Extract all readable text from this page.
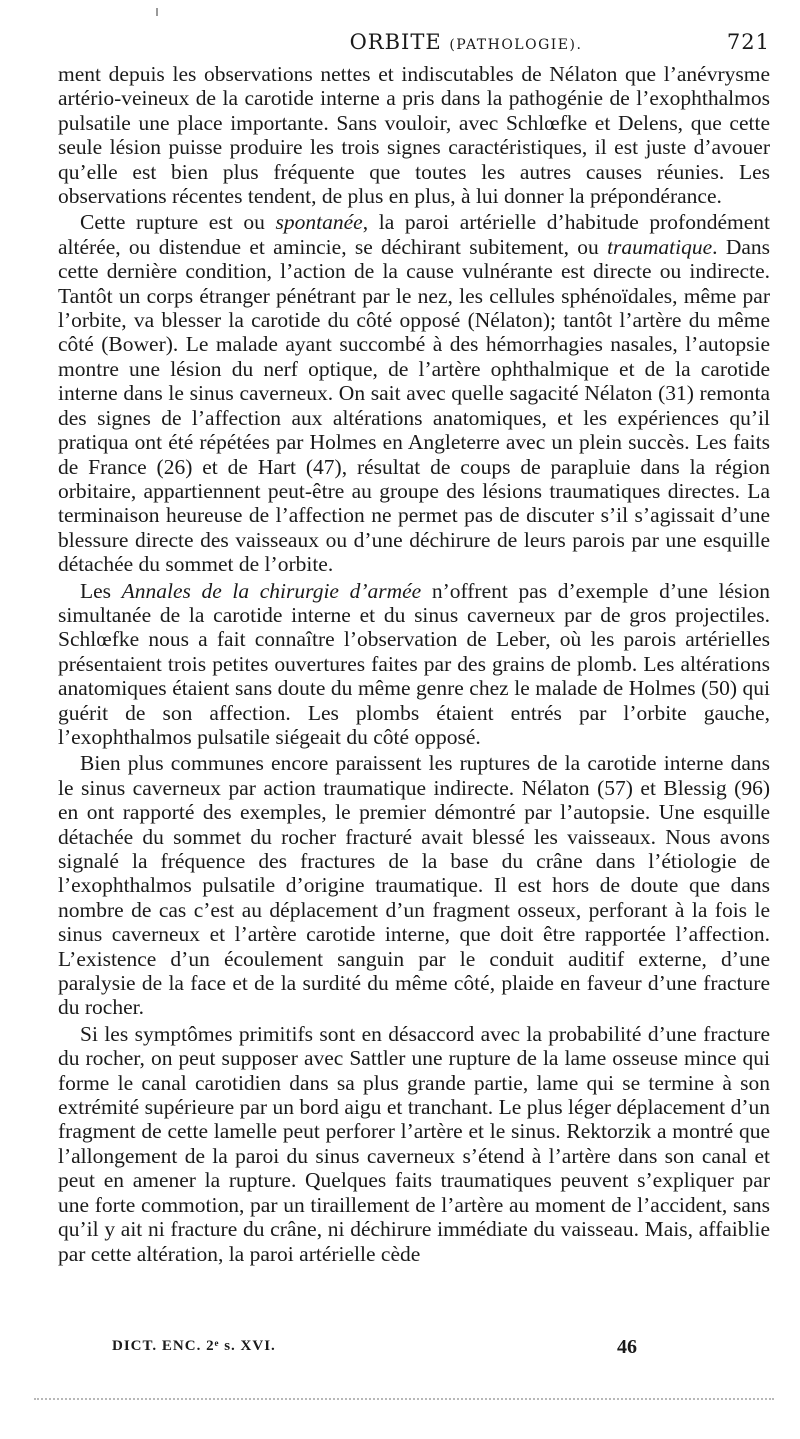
ORBITE (PATHOLOGIE).	721

ment depuis les observations nettes et indiscutables de Nélaton que l’anévrysme artério-veineux de la carotide interne a pris dans la pathogénie de l’exophthalmos pulsatile une place importante. Sans vouloir, avec Schlœfke et Delens, que cette seule lésion puisse produire les trois signes caractéristiques, il est juste d’avouer qu’elle est bien plus fréquente que toutes les autres causes réunies. Les observations récentes tendent, de plus en plus, à lui donner la prépondérance.

Cette rupture est ou spontanée, la paroi artérielle d’habitude profondément altérée, ou distendue et amincie, se déchirant subitement, ou traumatique. Dans cette dernière condition, l’action de la cause vulnérante est directe ou indirecte. Tantôt un corps étranger pénétrant par le nez, les cellules sphénoïdales, même par l’orbite, va blesser la carotide du côté opposé (Nélaton); tantôt l’artère du même côté (Bower). Le malade ayant succombé à des hémorrhagies nasales, l’autopsie montre une lésion du nerf optique, de l’artère ophthalmique et de la carotide interne dans le sinus caverneux. On sait avec quelle sagacité Nélaton (31) remonta des signes de l’affection aux altérations anatomiques, et les expériences qu’il pratiqua ont été répétées par Holmes en Angleterre avec un plein succès. Les faits de France (26) et de Hart (47), résultat de coups de parapluie dans la région orbitaire, appartiennent peut-être au groupe des lésions traumatiques directes. La terminaison heureuse de l’affection ne permet pas de discuter s’il s’agissait d’une blessure directe des vaisseaux ou d’une déchirure de leurs parois par une esquille détachée du sommet de l’orbite.

Les Annales de la chirurgie d’armée n’offrent pas d’exemple d’une lésion simultanée de la carotide interne et du sinus caverneux par de gros projectiles. Schlœfke nous a fait connaître l’observation de Leber, où les parois artérielles présentaient trois petites ouvertures faites par des grains de plomb. Les altérations anatomiques étaient sans doute du même genre chez le malade de Holmes (50) qui guérit de son affection. Les plombs étaient entrés par l’orbite gauche, l’exophthalmos pulsatile siégeait du côté opposé.

Bien plus communes encore paraissent les ruptures de la carotide interne dans le sinus caverneux par action traumatique indirecte. Nélaton (57) et Blessig (96) en ont rapporté des exemples, le premier démontré par l’autopsie. Une esquille détachée du sommet du rocher fracturé avait blessé les vaisseaux. Nous avons signalé la fréquence des fractures de la base du crâne dans l’étiologie de l’exophthalmos pulsatile d’origine traumatique. Il est hors de doute que dans nombre de cas c’est au déplacement d’un fragment osseux, perforant à la fois le sinus caverneux et l’artère carotide interne, que doit être rapportée l’affection. L’existence d’un écoulement sanguin par le conduit auditif externe, d’une paralysie de la face et de la surdité du même côté, plaide en faveur d’une fracture du rocher.

Si les symptômes primitifs sont en désaccord avec la probabilité d’une fracture du rocher, on peut supposer avec Sattler une rupture de la lame osseuse mince qui forme le canal carotidien dans sa plus grande partie, lame qui se termine à son extrémité supérieure par un bord aigu et tranchant. Le plus léger déplacement d’un fragment de cette lamelle peut perforer l’artère et le sinus. Rektorzik a montré que l’allongement de la paroi du sinus caverneux s’étend à l’artère dans son canal et peut en amener la rupture. Quelques faits traumatiques peuvent s’expliquer par une forte commotion, par un tiraillement de l’artère au moment de l’accident, sans qu’il y ait ni fracture du crâne, ni déchirure immédiate du vaisseau. Mais, affaiblie par cette altération, la paroi artérielle cède

DICT. ENC. 2ᵉ s. XVI.	46
